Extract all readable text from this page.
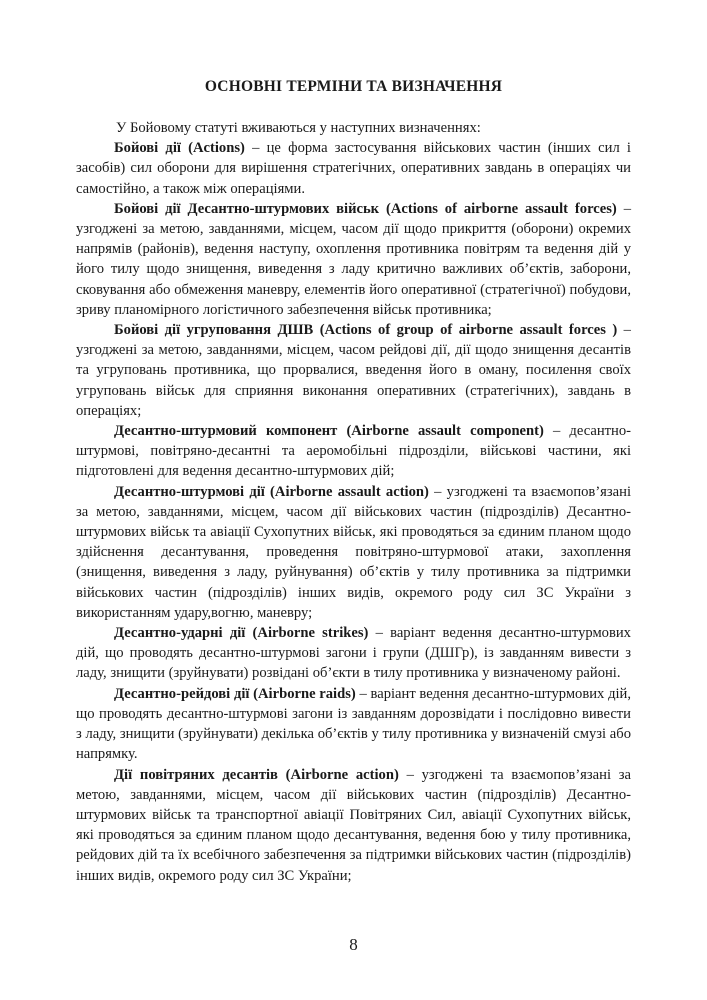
ОСНОВНІ ТЕРМІНИ ТА ВИЗНАЧЕННЯ

У Бойовому статуті вживаються у наступних визначеннях:

Бойові дії (Actions) – це форма застосування військових частин (інших сил і засобів) сил оборони для вирішення стратегічних, оперативних завдань в операціях чи самостійно, а також між операціями.

Бойові дії Десантно-штурмових військ (Actions of airborne assault forces) – узгоджені за метою, завданнями, місцем, часом дії щодо прикриття (оборони) окремих напрямів (районів), ведення наступу, охоплення противника повітрям та ведення дій у його тилу щодо знищення, виведення з ладу критично важливих об’єктів, заборони, сковування або обмеження маневру, елементів його оперативної (стратегічної) побудови, зриву планомірного логістичного забезпечення військ противника;

Бойові дії угруповання ДШВ (Actions of group of airborne assault forces ) – узгоджені за метою, завданнями, місцем, часом рейдові дії, дії щодо знищення десантів та угруповань противника, що прорвалися, введення його в оману, посилення своїх угруповань військ для сприяння виконання оперативних (стратегічних), завдань в операціях;

Десантно-штурмовий компонент (Airborne assault component) – десантно-штурмові, повітряно-десантні та аеромобільні підрозділи, військові частини, які підготовлені для ведення десантно-штурмових дій;

Десантно-штурмові дії (Airborne assault action) – узгоджені та взаємопов’язані за метою, завданнями, місцем, часом дії військових частин (підрозділів) Десантно-штурмових військ та авіації Сухопутних військ, які проводяться за єдиним планом щодо здійснення десантування, проведення повітряно-штурмової атаки, захоплення (знищення, виведення з ладу, руйнування) об’єктів у тилу противника за підтримки військових частин (підрозділів) інших видів, окремого роду сил ЗС України з використанням удару,вогню, маневру;

Десантно-ударні дії (Airborne strikes) – варіант ведення десантно-штурмових дій, що проводять десантно-штурмові загони і групи (ДШГр), із завданням вивести з ладу, знищити (зруйнувати) розвідані об’єкти в тилу противника у визначеному районі.

Десантно-рейдові дії (Airborne raids) – варіант ведення десантно-штурмових дій, що проводять десантно-штурмові загони із завданням дорозвідати і послідовно вивести з ладу, знищити (зруйнувати) декілька об’єктів у тилу противника у визначеній смузі або напрямку.

Дії повітряних десантів (Airborne action) – узгоджені та взаємопов’язані за метою, завданнями, місцем, часом дії військових частин (підрозділів) Десантно-штурмових військ та транспортної авіації Повітряних Сил, авіації Сухопутних військ, які проводяться за єдиним планом щодо десантування, ведення бою у тилу противника, рейдових дій та їх всебічного забезпечення за підтримки військових частин (підрозділів) інших видів, окремого роду сил ЗС України;

8
